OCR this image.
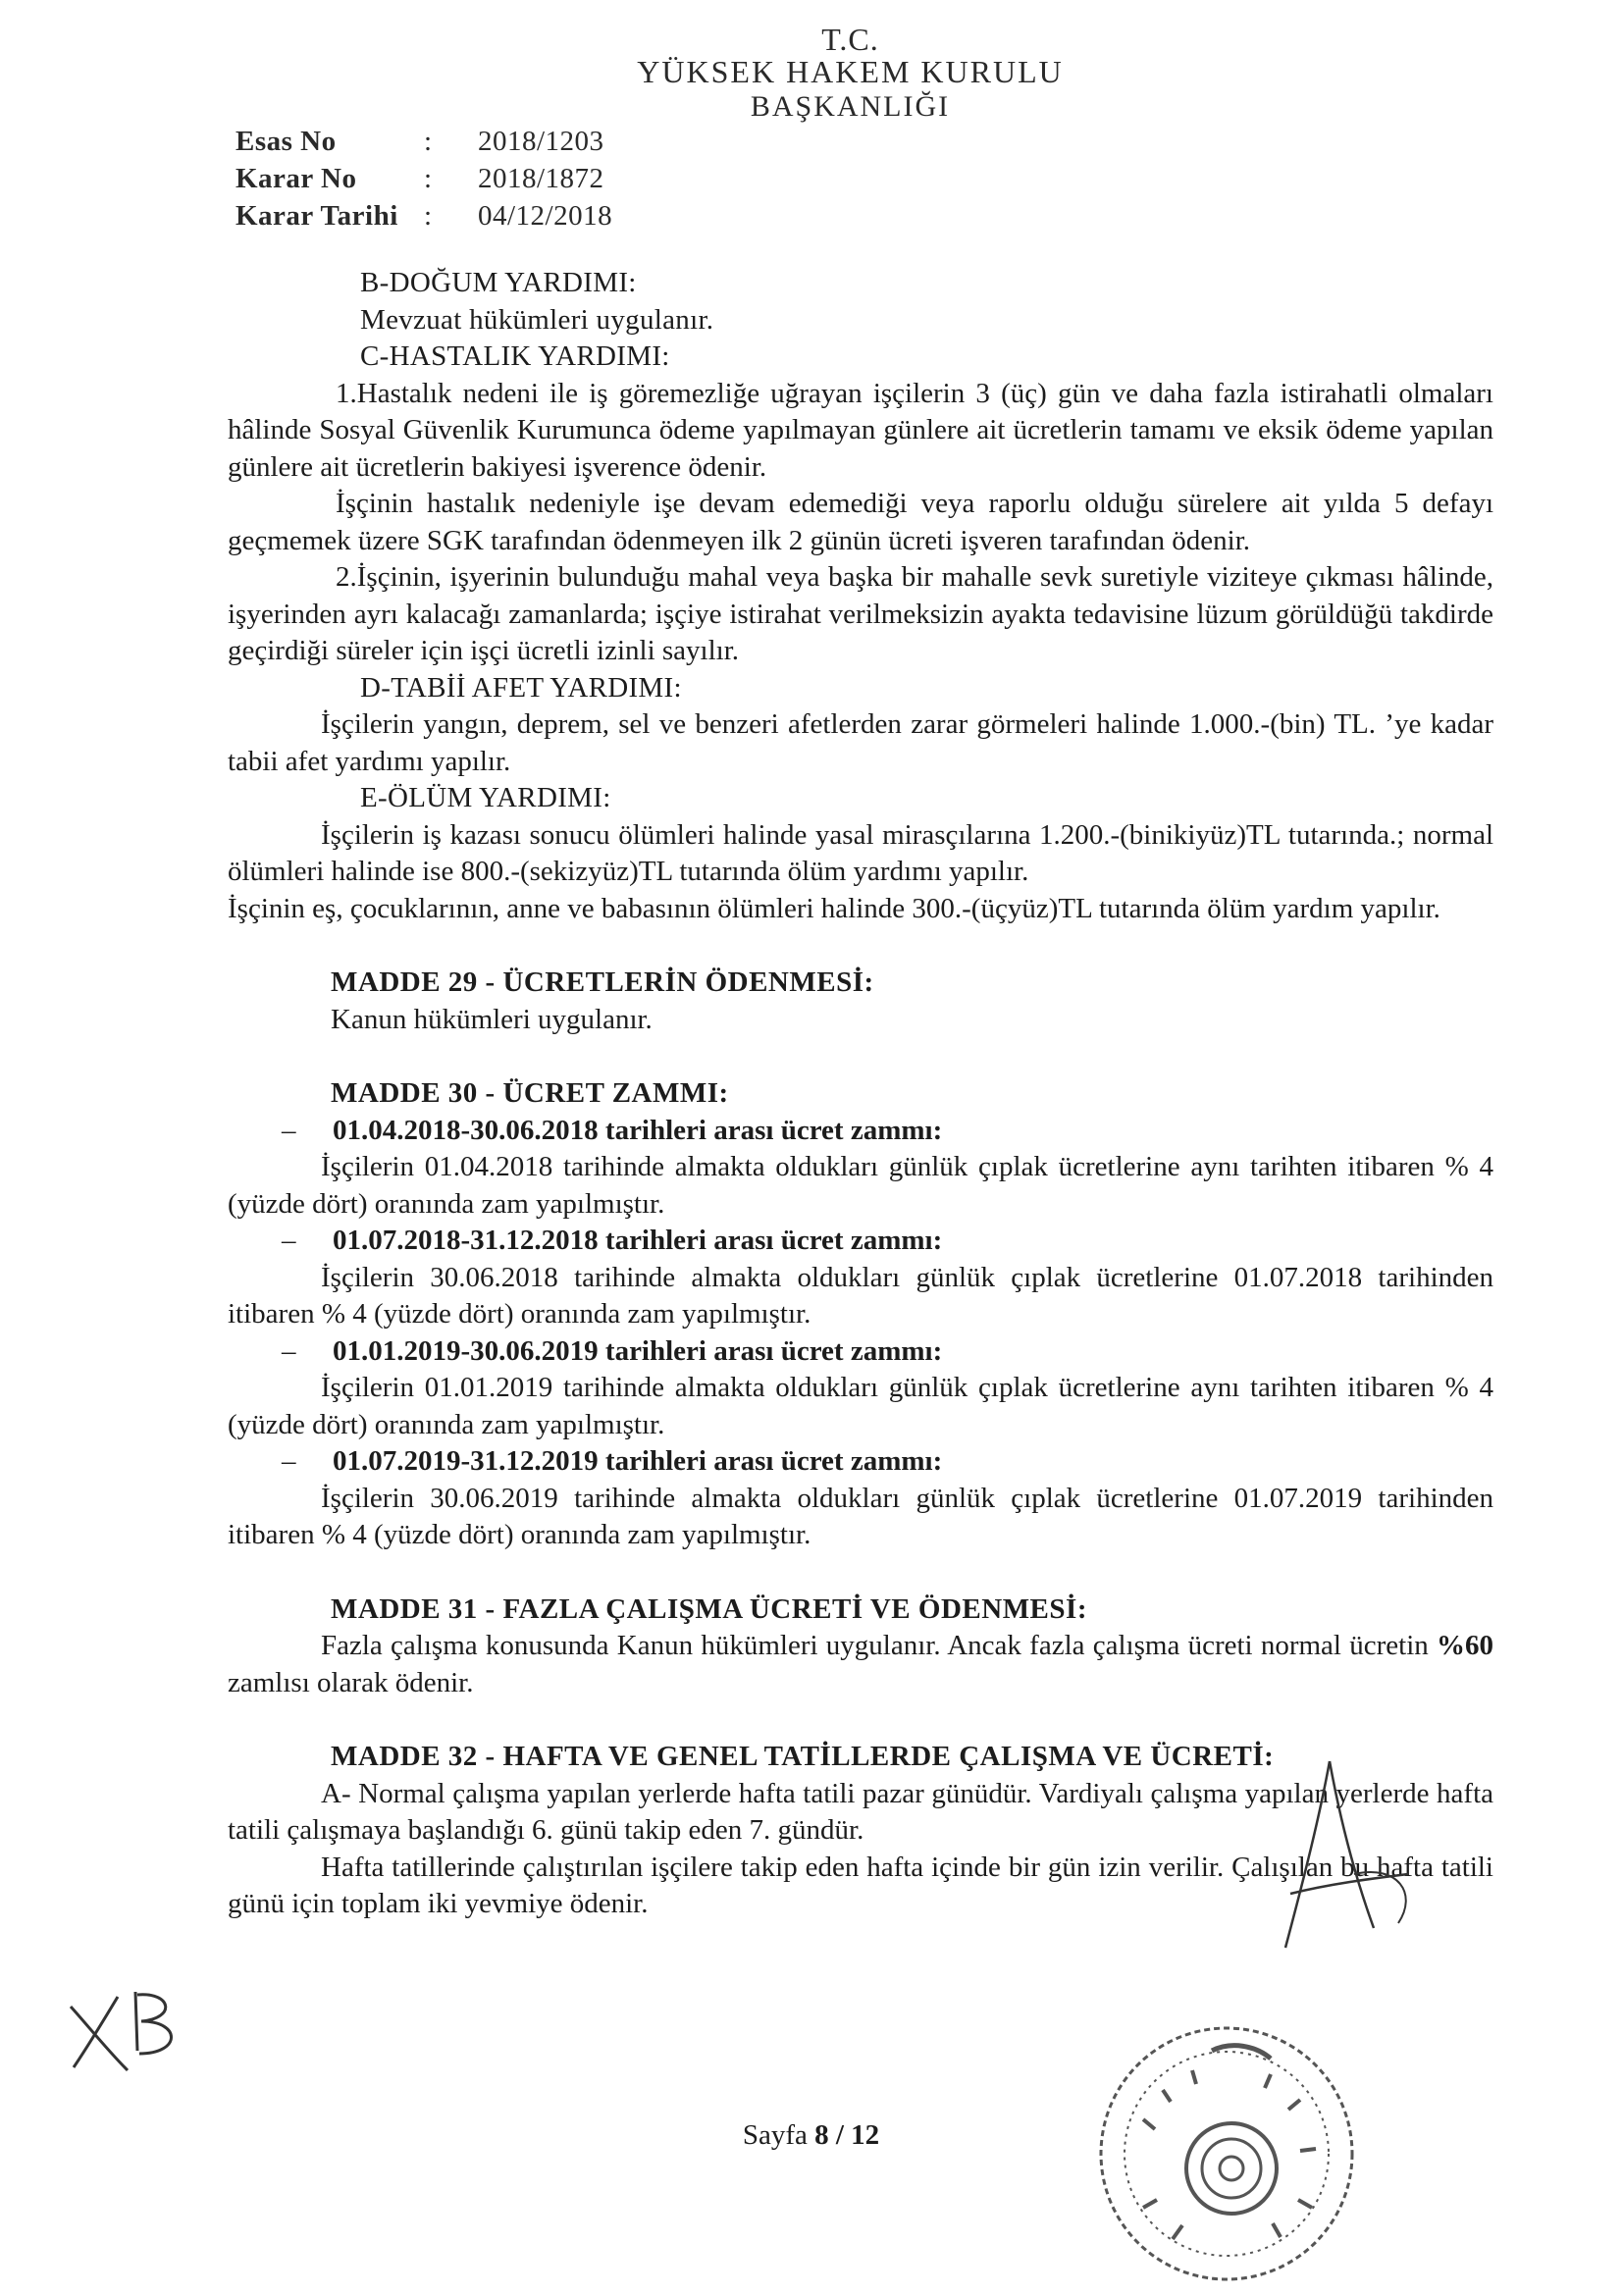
T.C.
YÜKSEK HAKEM KURULU
BAŞKANLIĞI
Esas No	:	2018/1203
Karar No	:	2018/1872
Karar Tarihi :	04/12/2018

B-DOĞUM YARDIMI:

Mevzuat hükümleri uygulanır.

C-HASTALIK YARDIMI:

1.Hastalık nedeni ile iş göremezliğe uğrayan işçilerin 3 (üç) gün ve daha fazla istirahatli olmaları hâlinde Sosyal Güvenlik Kurumunca ödeme yapılmayan günlere ait ücretlerin tamamı ve eksik ödeme yapılan günlere ait ücretlerin bakiyesi işverence ödenir.

İşçinin hastalık nedeniyle işe devam edemediği veya raporlu olduğu sürelere ait yılda 5 defayı geçmemek üzere SGK tarafından ödenmeyen ilk 2 günün ücreti işveren tarafından ödenir.

2.İşçinin, işyerinin bulunduğu mahal veya başka bir mahalle sevk suretiyle viziteye çıkması hâlinde, işyerinden ayrı kalacağı zamanlarda; işçiye istirahat verilmeksizin ayakta tedavisine lüzum görüldüğü takdirde geçirdiği süreler için işçi ücretli izinli sayılır.

D-TABİİ AFET YARDIMI:

İşçilerin yangın, deprem, sel ve benzeri afetlerden zarar görmeleri halinde 1.000.-(bin) TL. ’ye kadar tabii afet yardımı yapılır.

E-ÖLÜM YARDIMI:

İşçilerin iş kazası sonucu ölümleri halinde yasal mirasçılarına 1.200.-(binikiyüz)TL tutarında.; normal ölümleri halinde ise 800.-(sekizyüz)TL tutarında ölüm yardımı yapılır.

İşçinin eş, çocuklarının, anne ve babasının ölümleri halinde 300.-(üçyüz)TL tutarında ölüm yardım yapılır.

MADDE 29 - ÜCRETLERİN ÖDENMESİ:

Kanun hükümleri uygulanır.

MADDE 30 - ÜCRET ZAMMI:

–	01.04.2018-30.06.2018 tarihleri arası ücret zammı:

İşçilerin 01.04.2018 tarihinde almakta oldukları günlük çıplak ücretlerine aynı tarihten itibaren % 4 (yüzde dört) oranında zam yapılmıştır.

–	01.07.2018-31.12.2018 tarihleri arası ücret zammı:

İşçilerin 30.06.2018 tarihinde almakta oldukları günlük çıplak ücretlerine 01.07.2018 tarihinden itibaren % 4 (yüzde dört) oranında zam yapılmıştır.

–	01.01.2019-30.06.2019 tarihleri arası ücret zammı:

İşçilerin 01.01.2019 tarihinde almakta oldukları günlük çıplak ücretlerine aynı tarihten itibaren % 4 (yüzde dört) oranında zam yapılmıştır.

–	01.07.2019-31.12.2019 tarihleri arası ücret zammı:

İşçilerin 30.06.2019 tarihinde almakta oldukları günlük çıplak ücretlerine 01.07.2019 tarihinden itibaren % 4 (yüzde dört) oranında zam yapılmıştır.

MADDE 31 - FAZLA ÇALIŞMA ÜCRETİ VE ÖDENMESİ:

Fazla çalışma konusunda Kanun hükümleri uygulanır. Ancak fazla çalışma ücreti normal ücretin %60 zamlısı olarak ödenir.

MADDE 32 - HAFTA VE GENEL TATİLLERDE ÇALIŞMA VE ÜCRETİ:

A- Normal çalışma yapılan yerlerde hafta tatili pazar günüdür. Vardiyalı çalışma yapılan yerlerde hafta tatili çalışmaya başlandığı 6. günü takip eden 7. gündür.

Hafta tatillerinde çalıştırılan işçilere takip eden hafta içinde bir gün izin verilir. Çalışılan bu hafta tatili günü için toplam iki yevmiye ödenir.

Sayfa 8 / 12
